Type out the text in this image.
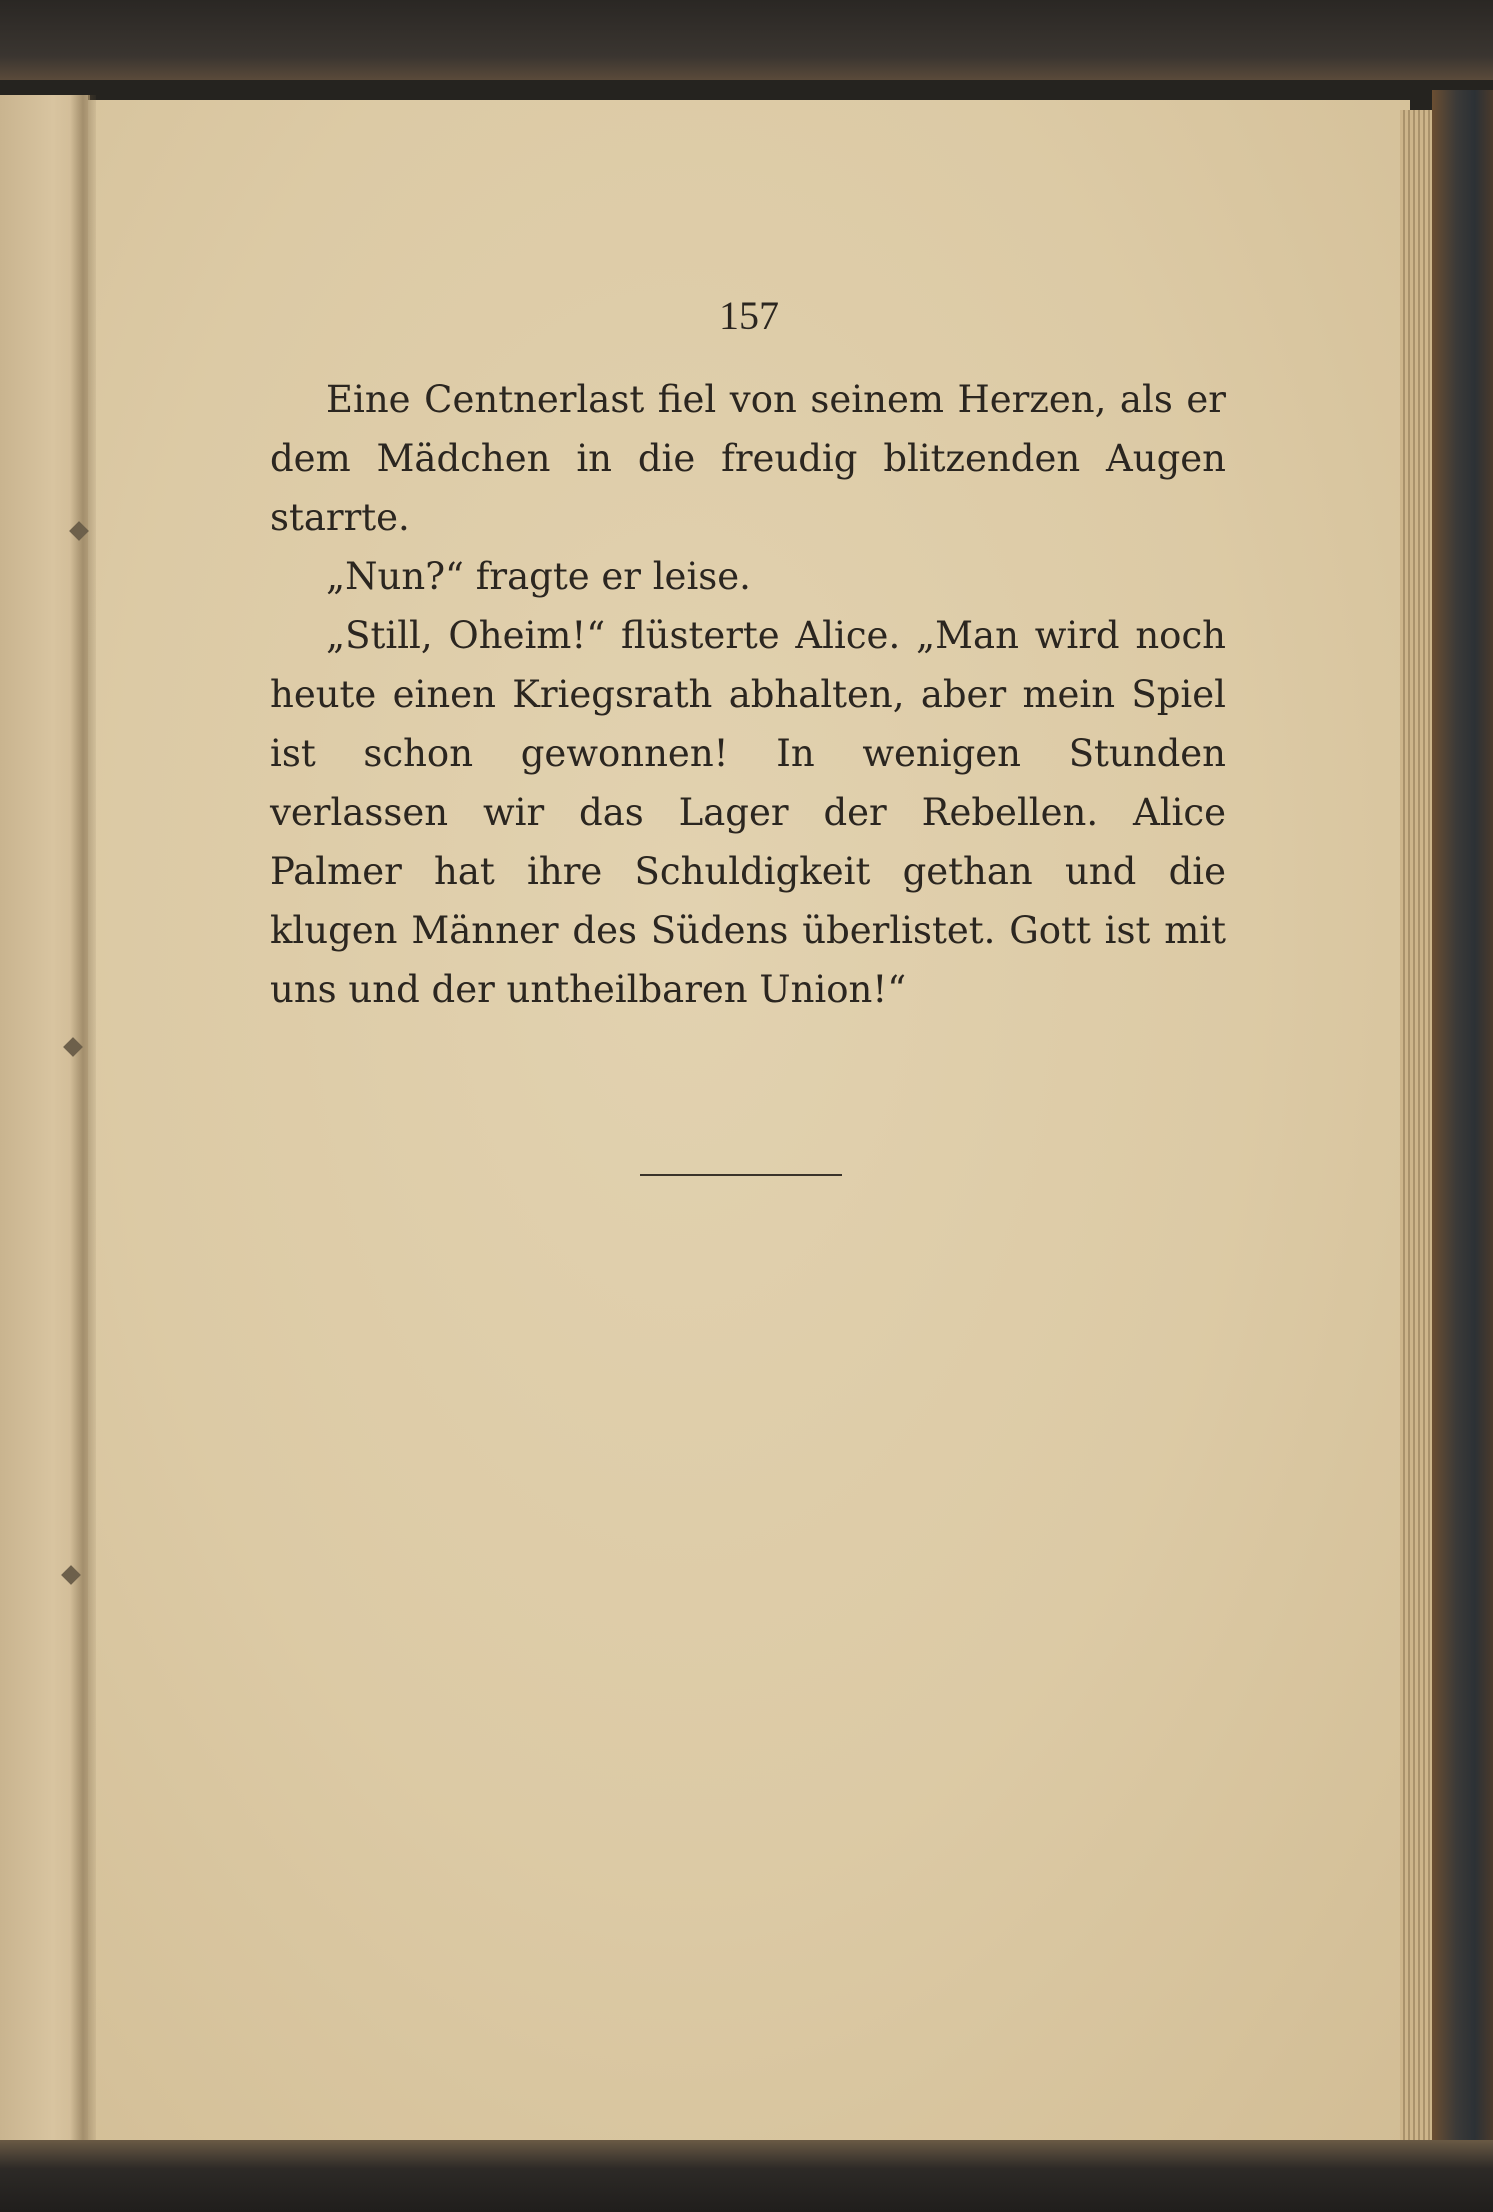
157

Eine Centnerlast fiel von seinem Herzen, als er dem Mädchen in die freudig blitzenden Augen starrte.

„Nun?“ fragte er leise.

„Still, Oheim!“ flüsterte Alice. „Man wird noch heute einen Kriegsrath abhalten, aber mein Spiel ist schon gewonnen! In wenigen Stunden verlassen wir das Lager der Rebellen. Alice Palmer hat ihre Schuldigkeit gethan und die klugen Männer des Südens überlistet. Gott ist mit uns und der untheilbaren Union!“
